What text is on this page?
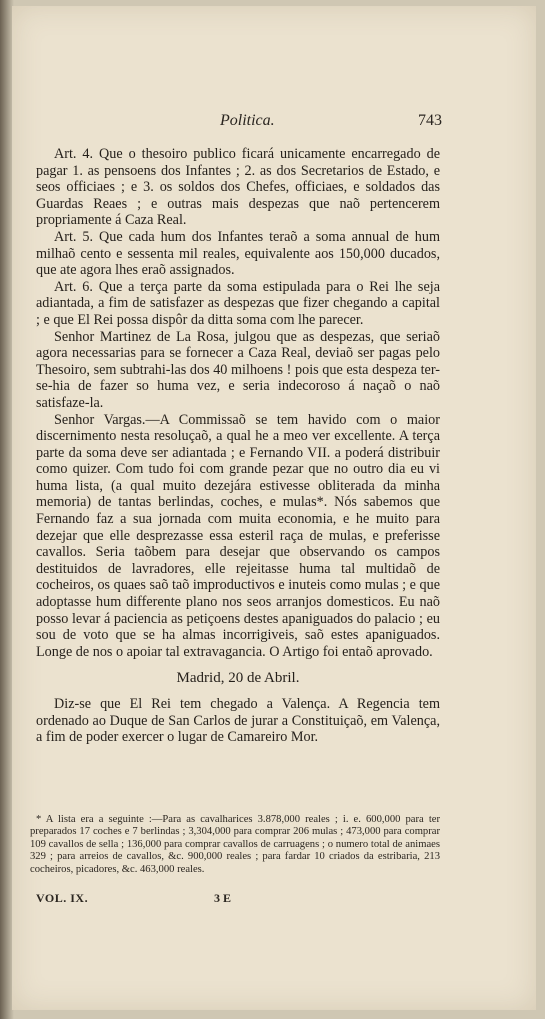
Politica.	743

Art. 4. Que o thesoiro publico ficará unicamente encarregado de pagar 1. as pensoens dos Infantes ; 2. as dos Secretarios de Estado, e seos officiaes ; e 3. os soldos dos Chefes, officiaes, e soldados das Guardas Reaes ; e outras mais despezas que naõ pertencerem propriamente á Caza Real.

Art. 5. Que cada hum dos Infantes teraõ a soma annual de hum milhaõ cento e sessenta mil reales, equivalente aos 150,000 ducados, que ate agora lhes eraõ assignados.

Art. 6. Que a terça parte da soma estipulada para o Rei lhe seja adiantada, a fim de satisfazer as despezas que fizer chegando a capital ; e que El Rei possa dispôr da ditta soma com lhe parecer.

Senhor Martinez de La Rosa, julgou que as despezas, que seriaõ agora necessarias para se fornecer a Caza Real, deviaõ ser pagas pelo Thesoiro, sem subtrahi-las dos 40 milhoens ! pois que esta despeza ter-se-hia de fazer so huma vez, e seria indecoroso á naçaõ o naõ satisfaze-la.

Senhor Vargas.—A Commissaõ se tem havido com o maior discernimento nesta resoluçaõ, a qual he a meo ver excellente. A terça parte da soma deve ser adiantada ; e Fernando VII. a poderá distribuir como quizer. Com tudo foi com grande pezar que no outro dia eu vi huma lista, (a qual muito dezejára estivesse obliterada da minha memoria) de tantas berlindas, coches, e mulas*. Nós sabemos que Fernando faz a sua jornada com muita economia, e he muito para dezejar que elle desprezasse essa esteril raça de mulas, e preferisse cavallos. Seria taõbem para desejar que observando os campos destituidos de lavradores, elle rejeitasse huma tal multidaõ de cocheiros, os quaes saõ taõ improductivos e inuteis como mulas ; e que adoptasse hum differente plano nos seos arranjos domesticos. Eu naõ posso levar á paciencia as petiçoens destes apaniguados do palacio ; eu sou de voto que se ha almas incorrigiveis, saõ estes apaniguados. Longe de nos o apoiar tal extravagancia. O Artigo foi entaõ aprovado.

Madrid, 20 de Abril.

Diz-se que El Rei tem chegado a Valença. A Regencia tem ordenado ao Duque de San Carlos de jurar a Constituiçaõ, em Valença, a fim de poder exercer o lugar de Camareiro Mor.

* A lista era a seguinte :—Para as cavalharices 3.878,000 reales ; i. e. 600,000 para ter preparados 17 coches e 7 berlindas ; 3,304,000 para comprar 206 mulas ; 473,000 para comprar 109 cavallos de sella ; 136,000 para comprar cavallos de carruagens ; o numero total de animaes 329 ; para arreios de cavallos, &c. 900,000 reales ; para fardar 10 criados da estribaria, 213 cocheiros, picadores, &c. 463,000 reales.

VOL. IX.	3 E
